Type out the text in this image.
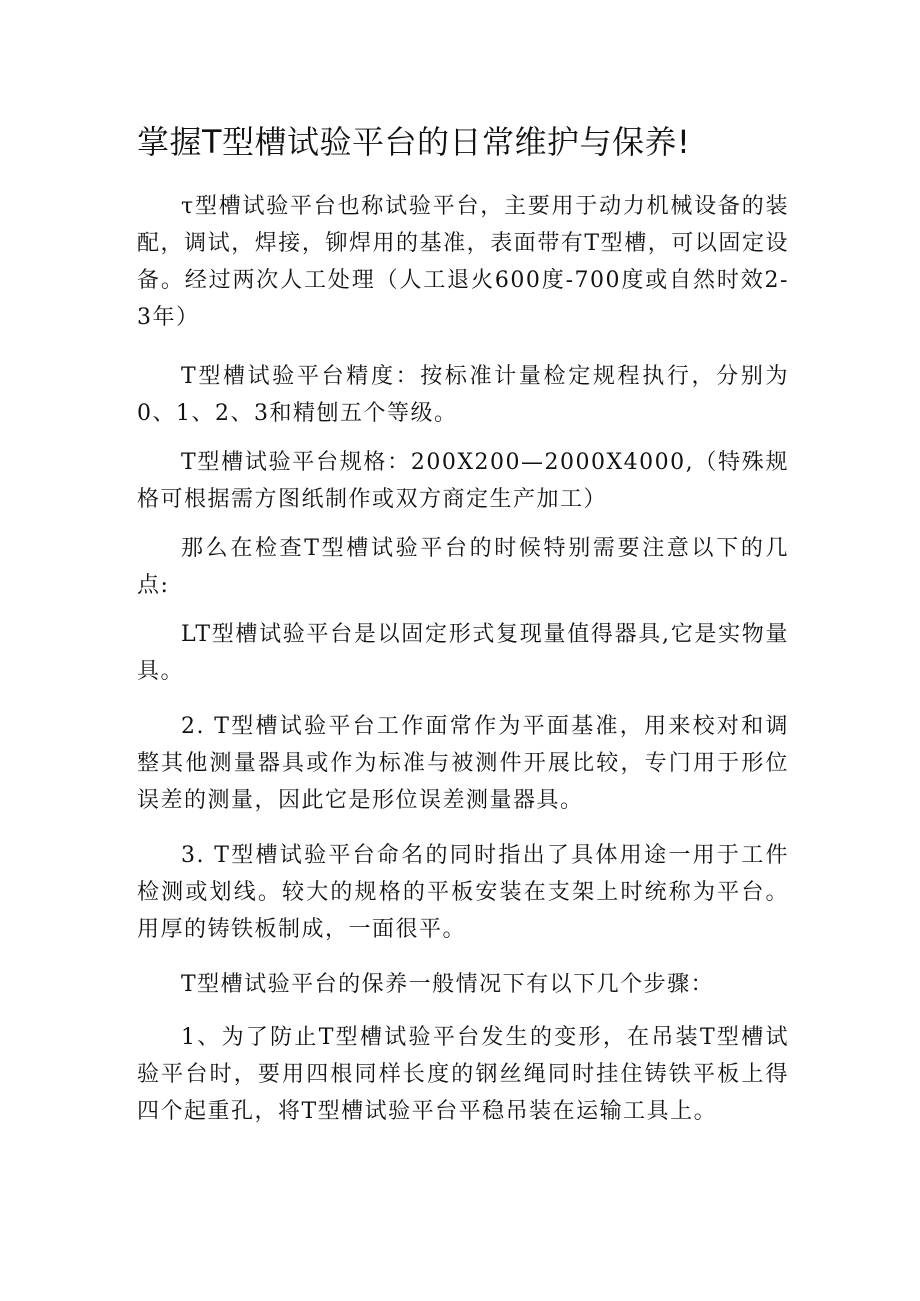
掌握T型槽试验平台的日常维护与保养!

τ型槽试验平台也称试验平台，主要用于动力机械设备的装配，调试，焊接，铆焊用的基准，表面带有T型槽，可以固定设备。经过两次人工处理（人工退火600度-700度或自然时效2-3年）

T型槽试验平台精度：按标准计量检定规程执行，分别为0、1、2、3和精刨五个等级。

T型槽试验平台规格：200X200—2000X4000,（特殊规格可根据需方图纸制作或双方商定生产加工）

那么在检查T型槽试验平台的时候特别需要注意以下的几点:

LT型槽试验平台是以固定形式复现量值得器具,它是实物量具。

2. T型槽试验平台工作面常作为平面基准，用来校对和调整其他测量器具或作为标准与被测件开展比较，专门用于形位误差的测量，因此它是形位误差测量器具。

3. T型槽试验平台命名的同时指出了具体用途一用于工件检测或划线。较大的规格的平板安装在支架上时统称为平台。用厚的铸铁板制成，一面很平。

T型槽试验平台的保养一般情况下有以下几个步骤：

1、为了防止T型槽试验平台发生的变形，在吊装T型槽试验平台时，要用四根同样长度的钢丝绳同时挂住铸铁平板上得四个起重孔，将T型槽试验平台平稳吊装在运输工具上。
